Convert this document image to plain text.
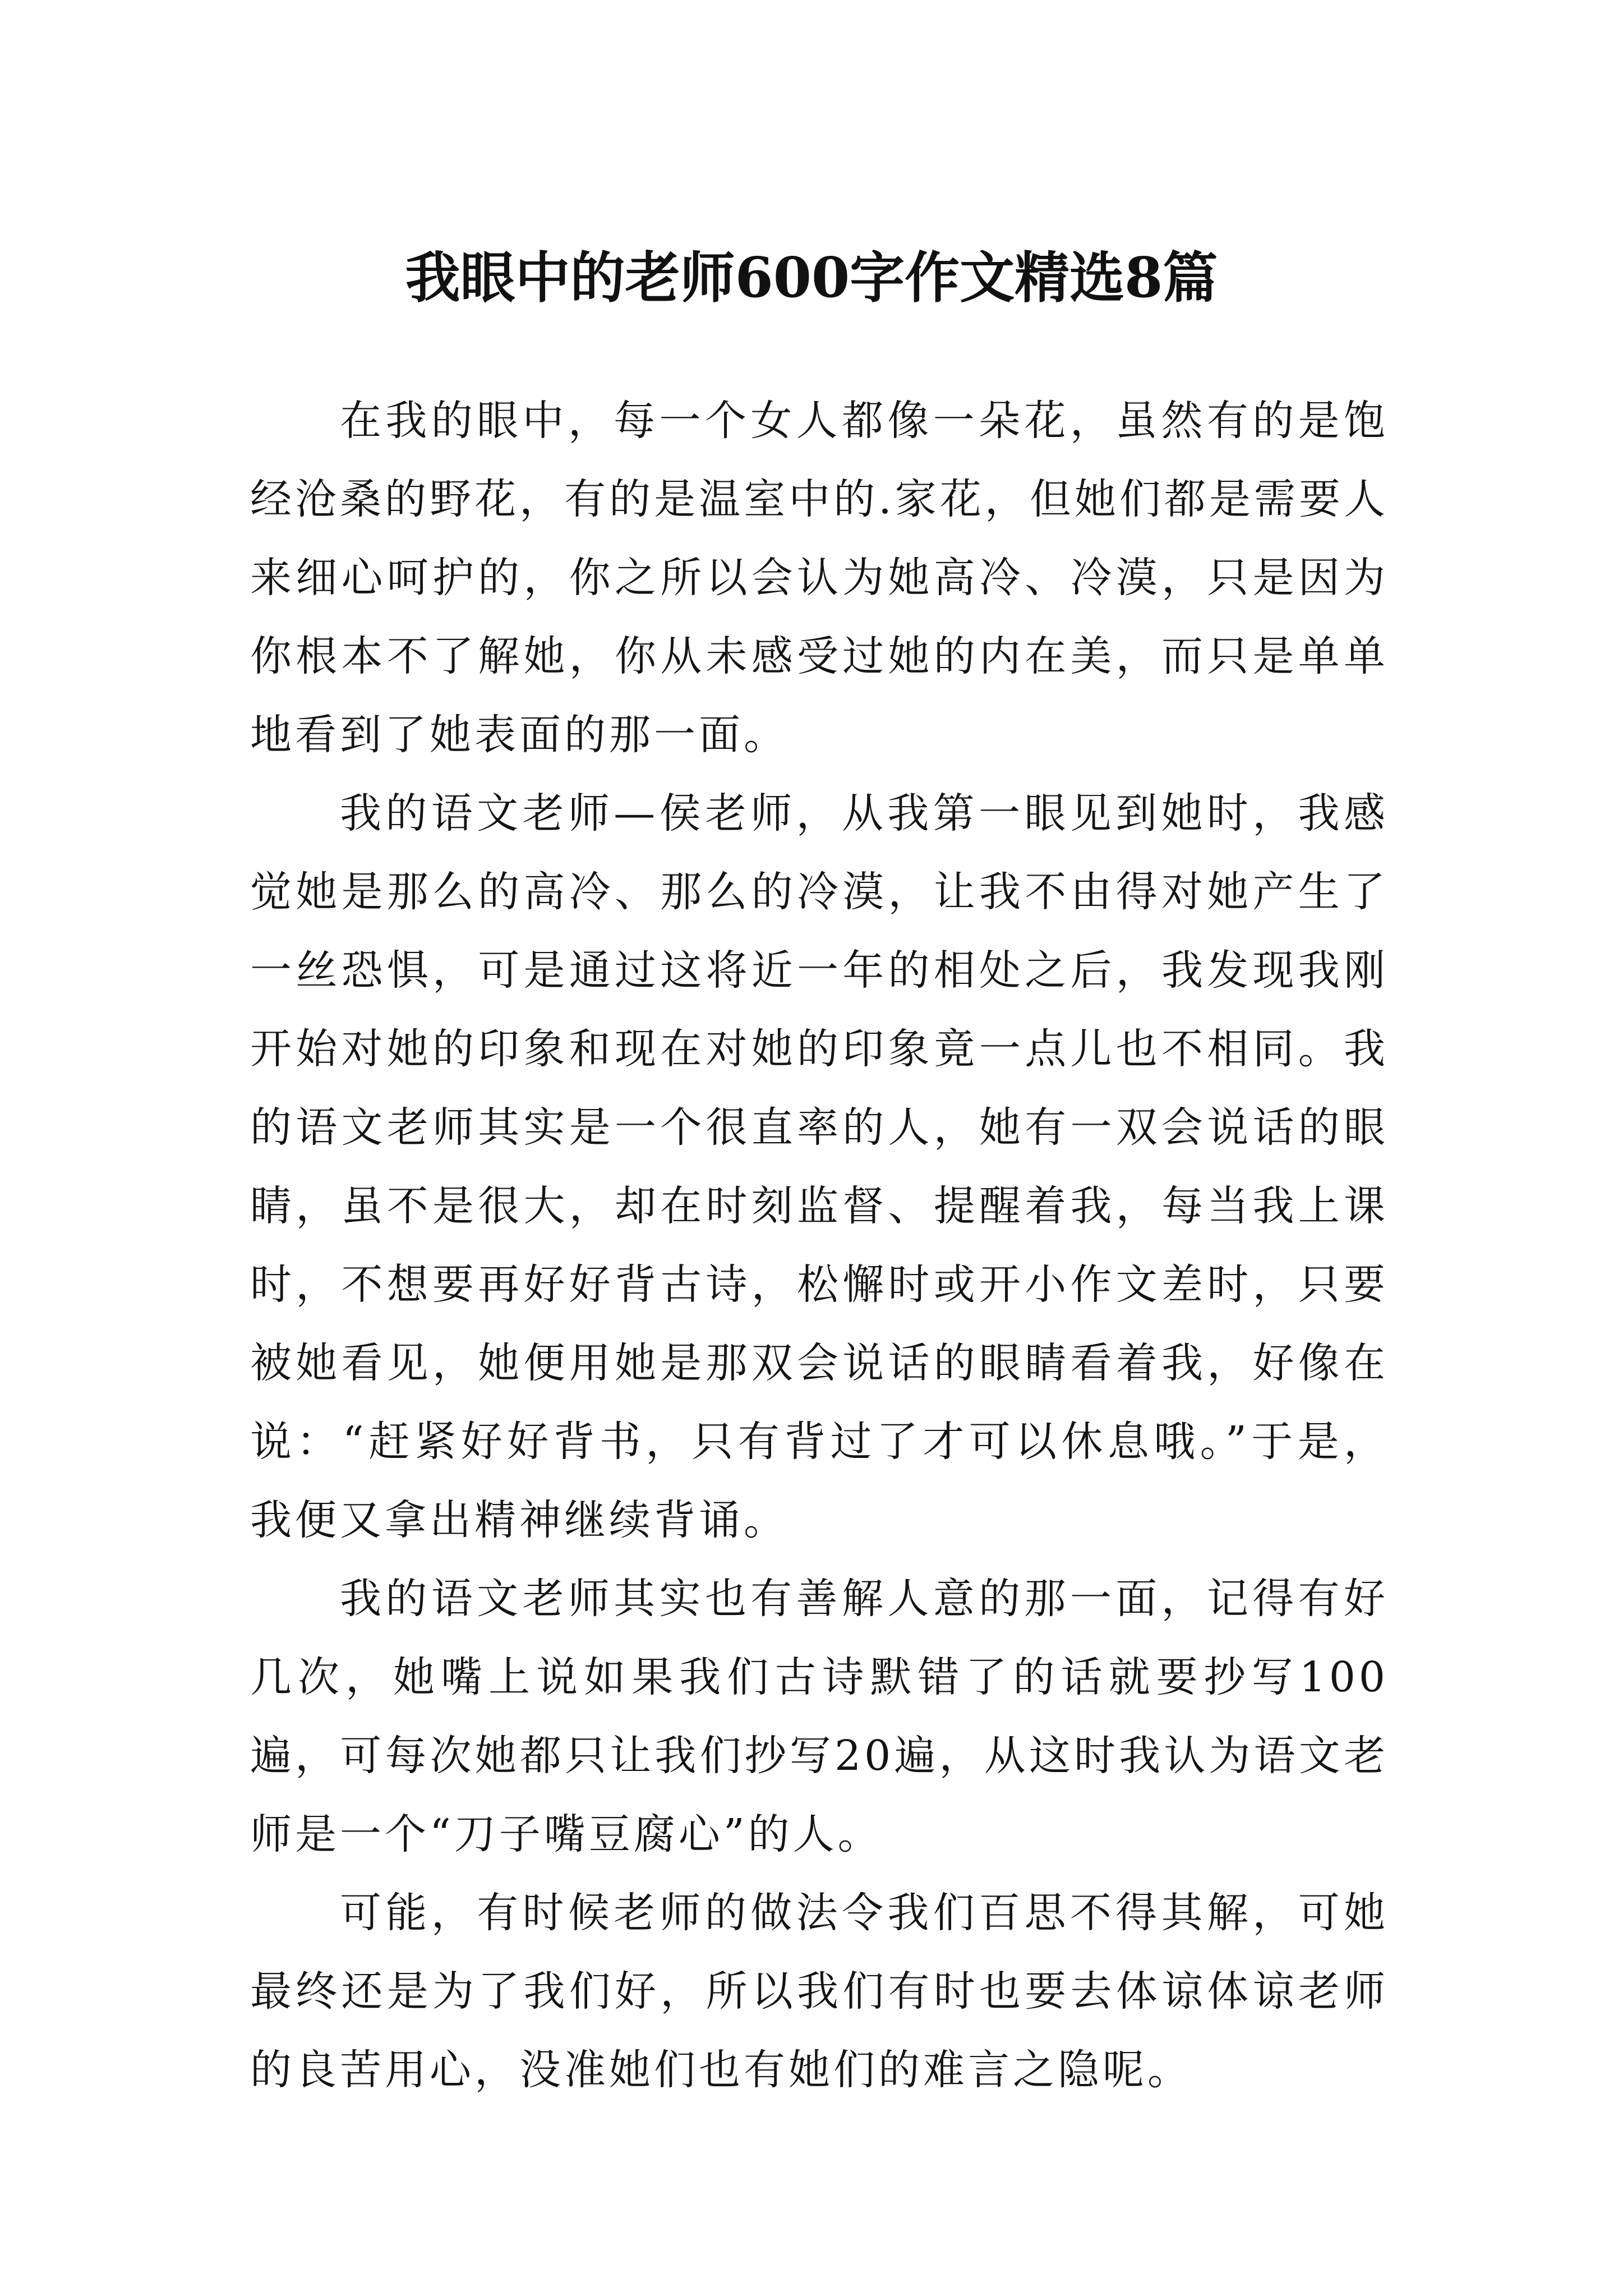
我眼中的老师600字作文精选8篇

在我的眼中，每一个女人都像一朵花，虽然有的是饱经沧桑的野花，有的是温室中的.家花，但她们都是需要人来细心呵护的，你之所以会认为她高冷、冷漠，只是因为你根本不了解她，你从未感受过她的内在美，而只是单单地看到了她表面的那一面。

我的语文老师—侯老师，从我第一眼见到她时，我感觉她是那么的高冷、那么的冷漠，让我不由得对她产生了一丝恐惧，可是通过这将近一年的相处之后，我发现我刚开始对她的印象和现在对她的印象竟一点儿也不相同。我的语文老师其实是一个很直率的人，她有一双会说话的眼睛，虽不是很大，却在时刻监督、提醒着我，每当我上课时，不想要再好好背古诗，松懈时或开小作文差时，只要被她看见，她便用她是那双会说话的眼睛看着我，好像在说：“赶紧好好背书，只有背过了才可以休息哦。”于是，我便又拿出精神继续背诵。

我的语文老师其实也有善解人意的那一面，记得有好几次，她嘴上说如果我们古诗默错了的话就要抄写100遍，可每次她都只让我们抄写20遍，从这时我认为语文老师是一个“刀子嘴豆腐心”的人。

可能，有时候老师的做法令我们百思不得其解，可她最终还是为了我们好，所以我们有时也要去体谅体谅老师的良苦用心，没准她们也有她们的难言之隐呢。
